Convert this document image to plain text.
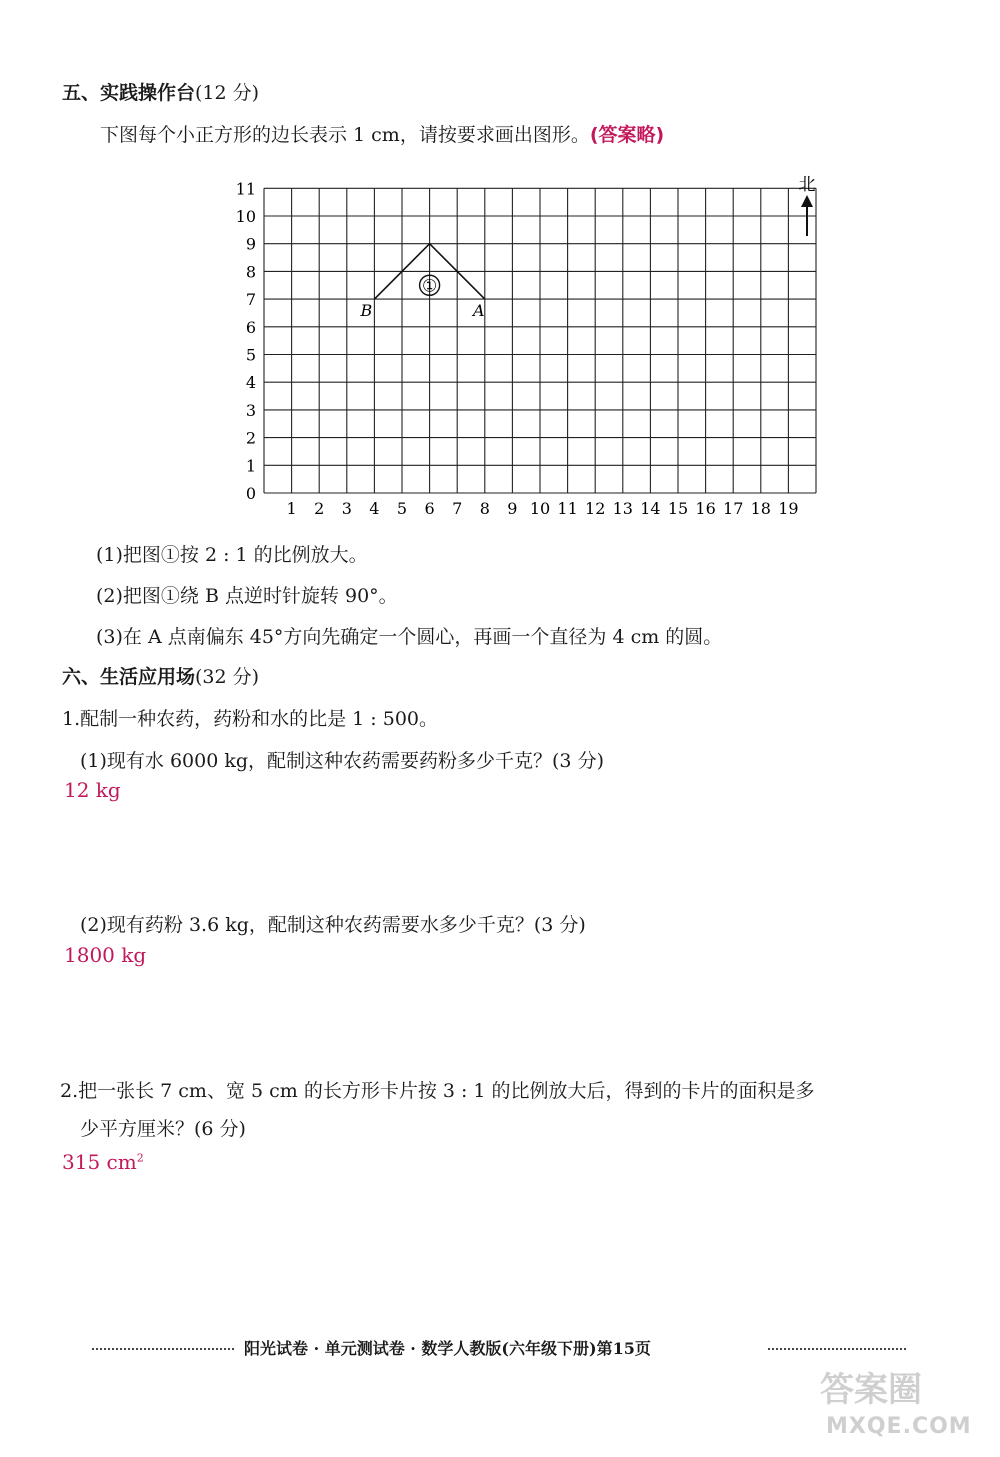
五、实践操作台(12 分)
下图每个小正方形的边长表示 1 cm，请按要求画出图形。(答案略)
1 2 3 4 5 6 7 8 9 10 11 12 13 14 15 16 17 18 19
0
1
2
3
4
5
6
7
8
9
10
11
①
B	A
北
(1)把图①按 2 : 1 的比例放大。
(2)把图①绕 B 点逆时针旋转 90°。
(3)在 A 点南偏东 45°方向先确定一个圆心，再画一个直径为 4 cm 的圆。
六、生活应用场(32 分)
1.配制一种农药，药粉和水的比是 1 : 500。
(1)现有水 6000 kg，配制这种农药需要药粉多少千克？(3 分)
12 kg
(2)现有药粉 3.6 kg，配制这种农药需要水多少千克？(3 分)
1800 kg
2.把一张长 7 cm、宽 5 cm 的长方形卡片按 3 : 1 的比例放大后，得到的卡片的面积是多
少平方厘米？(6 分)
315 $cm^2$
阳光试卷 · 单元测试卷 · 数学人教版(六年级下册)第15页
答案圈
MXQE.COM
